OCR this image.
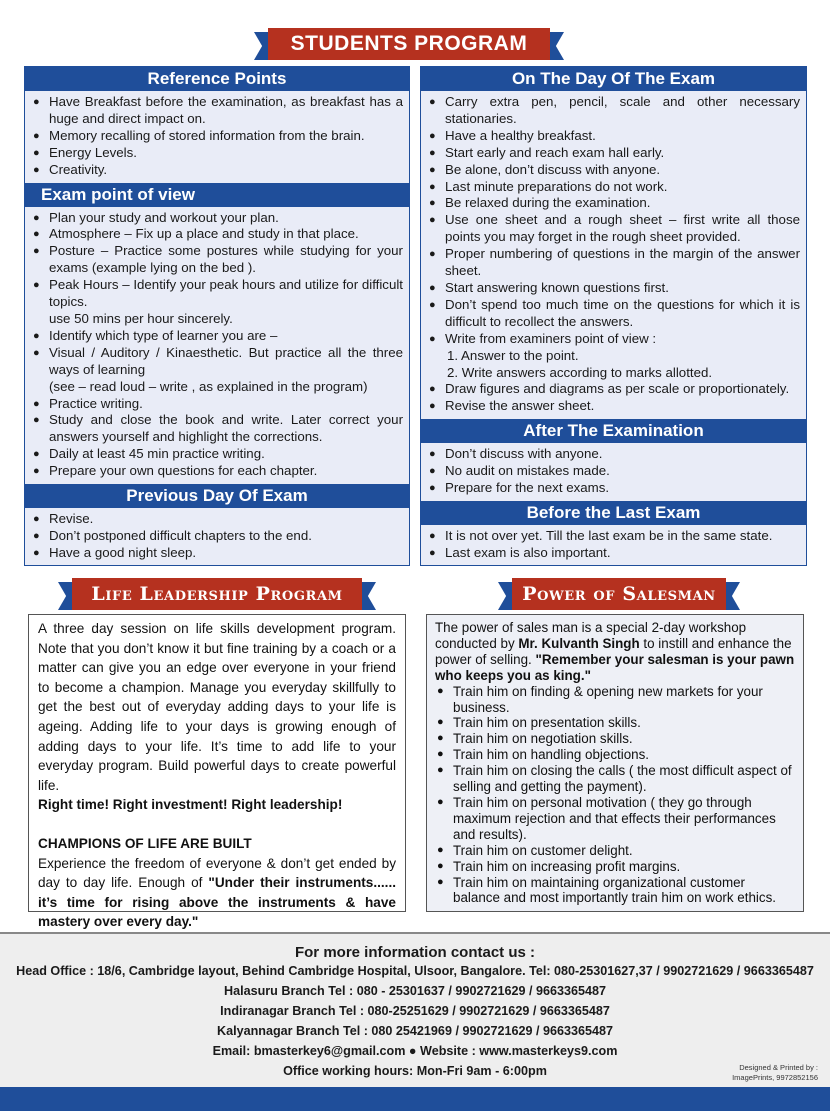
STUDENTS PROGRAM
Reference Points
● Have Breakfast before the examination, as breakfast has a huge and direct impact on.
● Memory recalling of stored information from the brain.
● Energy Levels.
● Creativity.
Exam point of view
● Plan your study and workout your plan.
● Atmosphere – Fix up a place and study in that place.
● Posture – Practice some postures while studying for your exams (example lying on the bed ).
● Peak Hours – Identify your peak hours and utilize for difficult topics.
use 50 mins per hour sincerely.
● Identify which type of learner you are –
● Visual / Auditory / Kinaesthetic. But practice all the three ways of learning
(see – read loud – write , as explained in the program)
● Practice writing.
● Study and close the book and write. Later correct your answers yourself and highlight the corrections.
● Daily at least 45 min practice writing.
● Prepare your own questions for each chapter.
Previous Day Of Exam
● Revise.
● Don’t postponed difficult chapters to the end.
● Have a good night sleep.
On The Day Of The Exam
● Carry extra pen, pencil, scale and other necessary stationaries.
● Have a healthy breakfast.
● Start early and reach exam hall early.
● Be alone, don’t discuss with anyone.
● Last minute preparations do not work.
● Be relaxed during the examination.
● Use one sheet and a rough sheet – first write all those points you may forget in the rough sheet provided.
● Proper numbering of questions in the margin of the answer sheet.
● Start answering known questions first.
● Don’t spend too much time on the questions for which it is difficult to recollect the answers.
● Write from examiners point of view :
1. Answer to the point.
2. Write answers according to marks allotted.
● Draw figures and diagrams as per scale or proportionately.
● Revise the answer sheet.
After The Examination
● Don’t discuss with anyone.
● No audit on mistakes made.
● Prepare for the next exams.
Before the Last Exam
● It is not over yet. Till the last exam be in the same state.
● Last exam is also important.
Life Leadership Program	Power of Salesman

A three day session on life skills development program. Note that you don’t know it but fine training by a coach or a matter can give you an edge over everyone in your friend to become a champion. Manage you everyday skillfully to get the best out of everyday adding days to your life is ageing. Adding life to your days is growing enough of adding days to your life. It’s time to add life to your everyday program. Build powerful days to create powerful life.

Right time! Right investment! Right leadership!

CHAMPIONS OF LIFE ARE BUILT

Experience the freedom of everyone & don’t get ended by day to day life. Enough of "Under their instruments...... it’s time for rising above the instruments & have mastery over every day."

The power of sales man is a special 2-day workshop conducted by Mr. Kulvanth Singh to instill and enhance the power of selling. "Remember your salesman is your pawn who keeps you as king."

● Train him on finding & opening new markets for your business.
● Train him on presentation skills.
● Train him on negotiation skills.
● Train him on handling objections.
● Train him on closing the calls ( the most difficult aspect of selling and getting the payment).
● Train him on personal motivation ( they go through maximum rejection and that effects their performances and results).
● Train him on customer delight.
● Train him on increasing profit margins.
● Train him on maintaining organizational customer balance and most importantly train him on work ethics.
For more information contact us :
Head Office : 18/6, Cambridge layout, Behind Cambridge Hospital, Ulsoor, Bangalore. Tel: 080-25301627,37 / 9902721629 / 9663365487
Halasuru Branch Tel : 080 - 25301637 / 9902721629 / 9663365487
Indiranagar Branch Tel : 080-25251629 / 9902721629 / 9663365487
Kalyannagar Branch Tel : 080 25421969 / 9902721629 / 9663365487
Email: bmasterkey6@gmail.com ● Website : www.masterkeys9.com
Office working hours: Mon-Fri 9am - 6:00pm	Designed & Printed by :
ImagePrints, 9972852156
